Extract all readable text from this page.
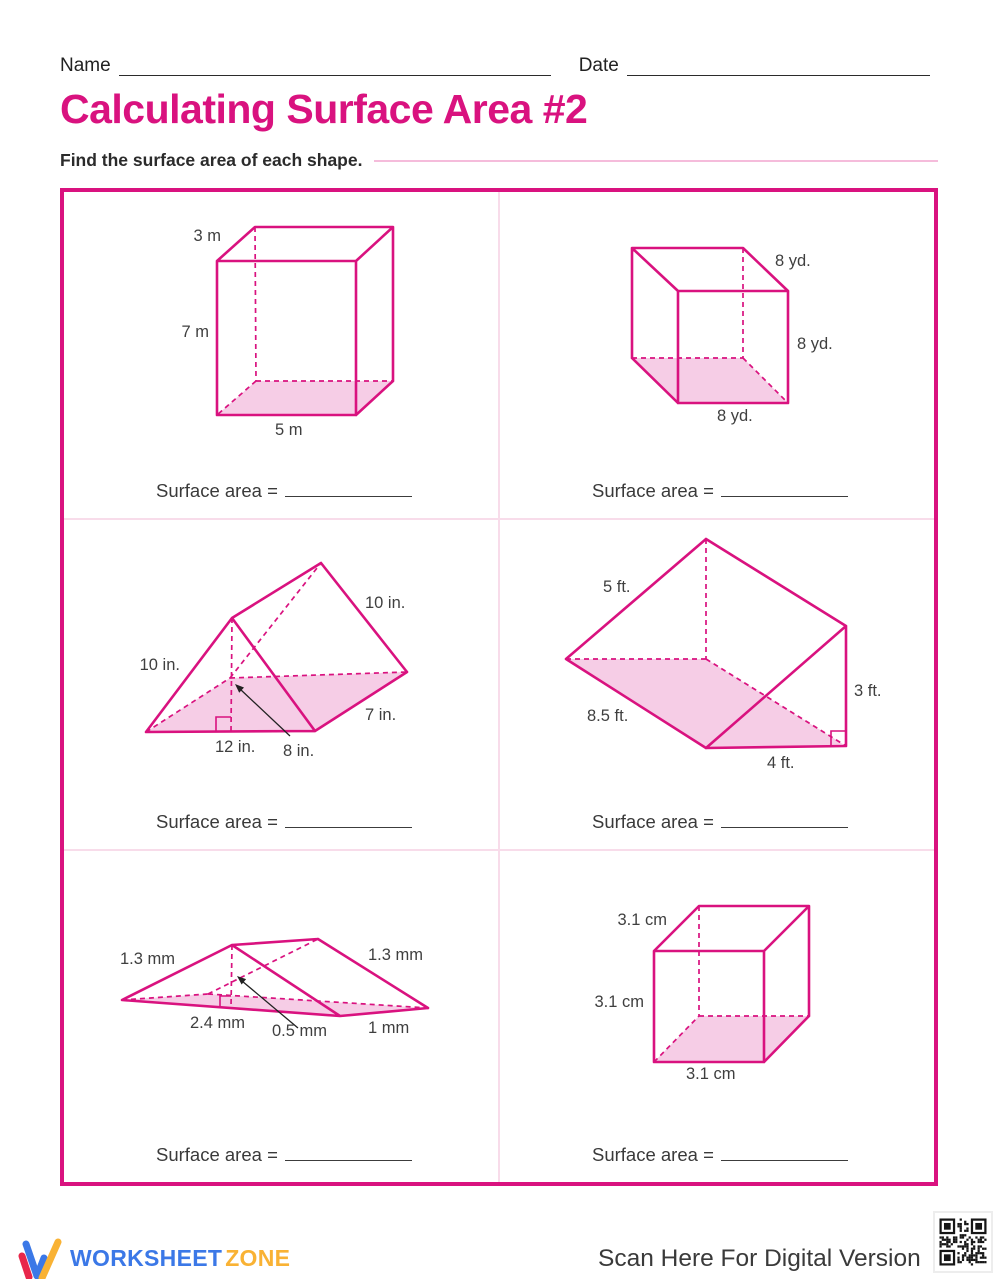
Name	Date
Calculating Surface Area #2
Find the surface area of each shape.
3 m
7 m
5 m
Surface area =
8 yd.
8 yd.
8 yd.
Surface area =
10 in.
10 in.
7 in.
12 in. 8 in.
Surface area =
5 ft.
8.5 ft.
3 ft.
4 ft.
Surface area =
1.3 mm	1.3 mm
2.4 mm 0.5 mm 1 mm
Surface area =
3.1 cm
3.1 cm
3.1 cm
Surface area =
WORKSHEET ZONE	Scan Here For Digital Version
